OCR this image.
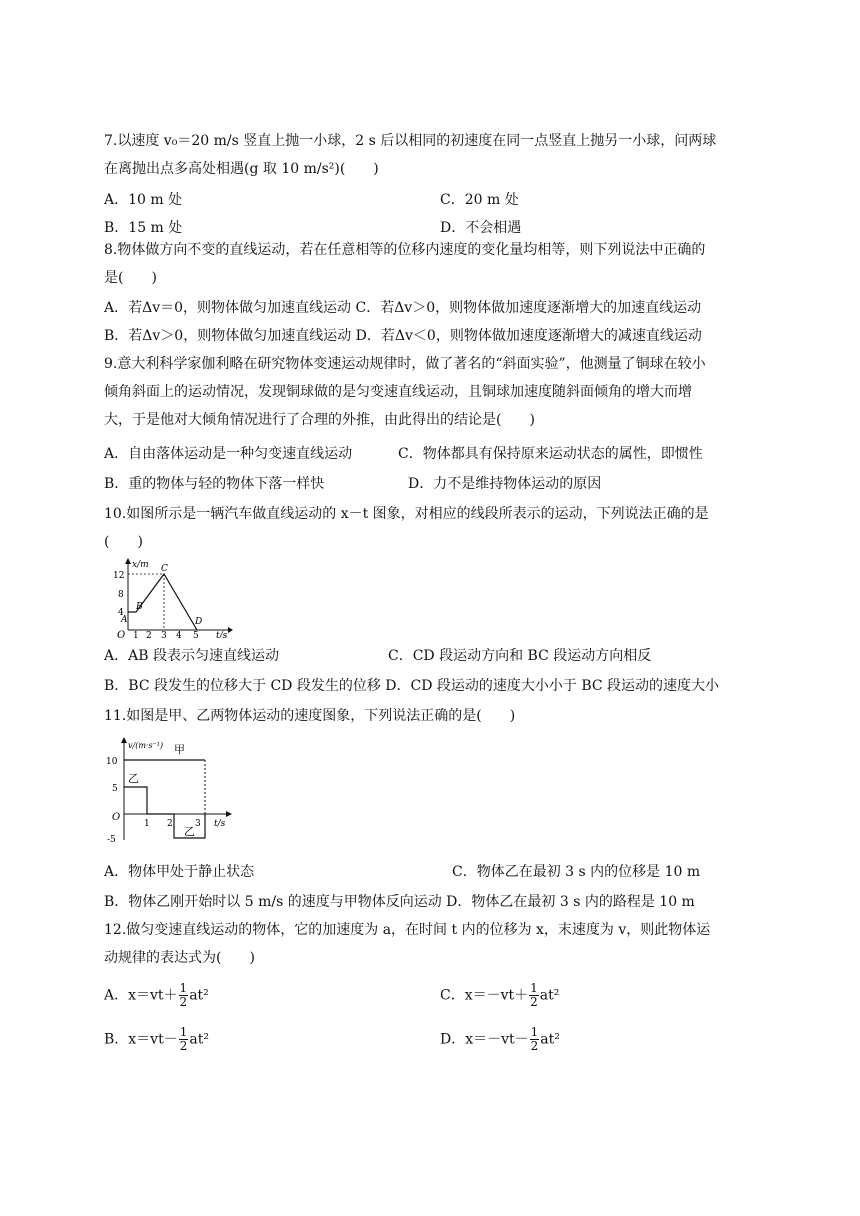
7.以速度 v₀＝20 m/s 竖直上抛一小球，2 s 后以相同的初速度在同一点竖直上抛另一小球，问两球
在离抛出点多高处相遇(g 取 10 m/s²)(　　)
A．10 m 处	C．20 m 处
B．15 m 处	D．不会相遇
8.物体做方向不变的直线运动，若在任意相等的位移内速度的变化量均相等，则下列说法中正确的
是(　　)
A．若Δv＝0，则物体做匀加速直线运动 C．若Δv＞0，则物体做加速度逐渐增大的加速直线运动
B．若Δv＞0，则物体做匀加速直线运动 D．若Δv＜0，则物体做加速度逐渐增大的减速直线运动
9.意大利科学家伽利略在研究物体变速运动规律时，做了著名的“斜面实验”，他测量了铜球在较小
倾角斜面上的运动情况，发现铜球做的是匀变速直线运动，且铜球加速度随斜面倾角的增大而增
大，于是他对大倾角情况进行了合理的外推，由此得出的结论是(　　)
A．自由落体运动是一种匀变速直线运动	C．物体都具有保持原来运动状态的属性，即惯性
B．重的物体与轻的物体下落一样快	D．力不是维持物体运动的原因
10.如图所示是一辆汽车做直线运动的 x－t 图象，对相应的线段所表示的运动，下列说法正确的是
(　　)
x/m
t/s
O
12
8
4
1 2 3 4 5
A
B
C
D
A．AB 段表示匀速直线运动	C．CD 段运动方向和 BC 段运动方向相反
B．BC 段发生的位移大于 CD 段发生的位移 D．CD 段运动的速度大小小于 BC 段运动的速度大小
11.如图是甲、乙两物体运动的速度图象，下列说法正确的是(　　)
v/(m·s⁻¹)
t/s
O
10
5
-5
1 2 3
甲
乙
乙
A．物体甲处于静止状态	C．物体乙在最初 3 s 内的位移是 10 m
B．物体乙刚开始时以 5 m/s 的速度与甲物体反向运动 D．物体乙在最初 3 s 内的路程是 10 m
12.做匀变速直线运动的物体，它的加速度为 a，在时间 t 内的位移为 x，末速度为 v，则此物体运
动规律的表达式为(　　)
A．$x=vt+ \frac{1}{2} at^2$	C．$x=-vt+ \frac{1}{2} at^2$
B．$x=vt- \frac{1}{2} at^2$	D．$x=-vt- \frac{1}{2} at^2$
